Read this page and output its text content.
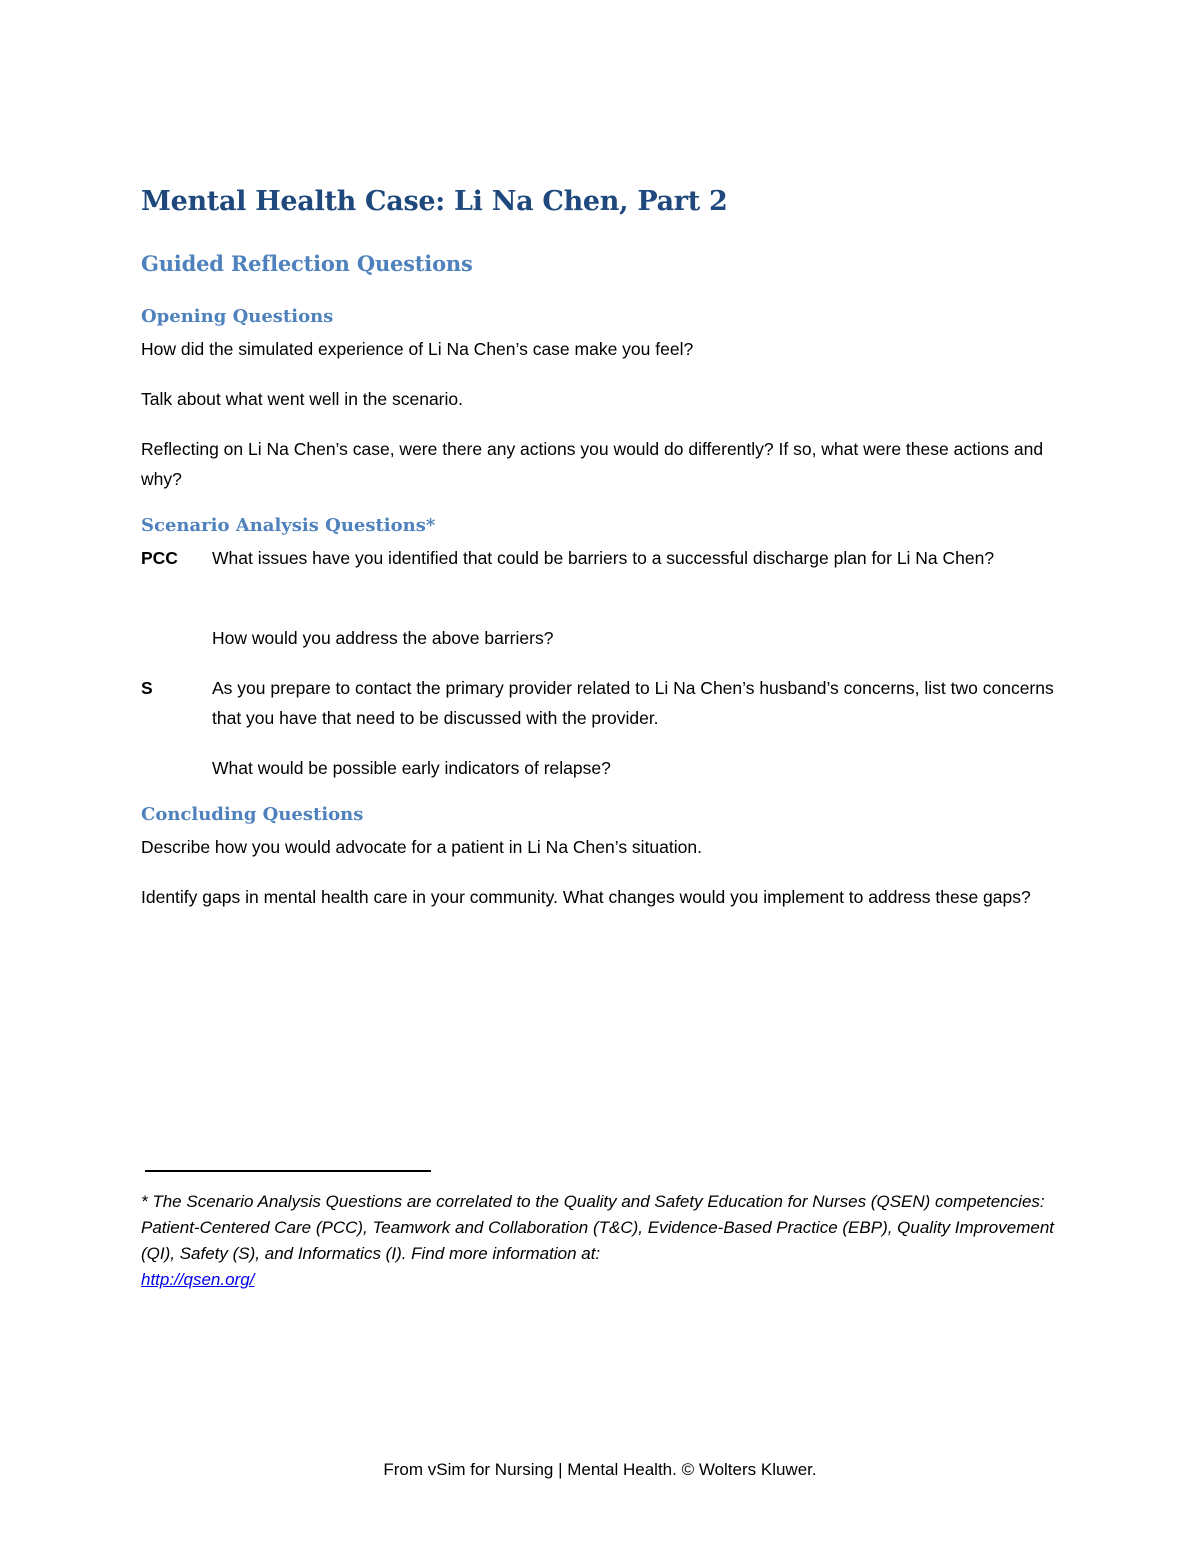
Mental Health Case: Li Na Chen, Part 2
Guided Reflection Questions
Opening Questions
How did the simulated experience of Li Na Chen’s case make you feel?
Talk about what went well in the scenario.
Reflecting on Li Na Chen’s case, were there any actions you would do differently? If so, what were these actions and why?
Scenario Analysis Questions*
PCC What issues have you identified that could be barriers to a successful discharge plan for Li Na Chen?
How would you address the above barriers?
S	As you prepare to contact the primary provider related to Li Na Chen’s husband’s concerns, list two concerns that you have that need to be discussed with the provider.
What would be possible early indicators of relapse?
Concluding Questions
Describe how you would advocate for a patient in Li Na Chen’s situation.
Identify gaps in mental health care in your community. What changes would you implement to address these gaps?
* The Scenario Analysis Questions are correlated to the Quality and Safety Education for Nurses (QSEN) competencies: Patient-Centered Care (PCC), Teamwork and Collaboration (T&C), Evidence-Based Practice (EBP), Quality Improvement (QI), Safety (S), and Informatics (I). Find more information at:
http://qsen.org/
From vSim for Nursing | Mental Health. © Wolters Kluwer.
